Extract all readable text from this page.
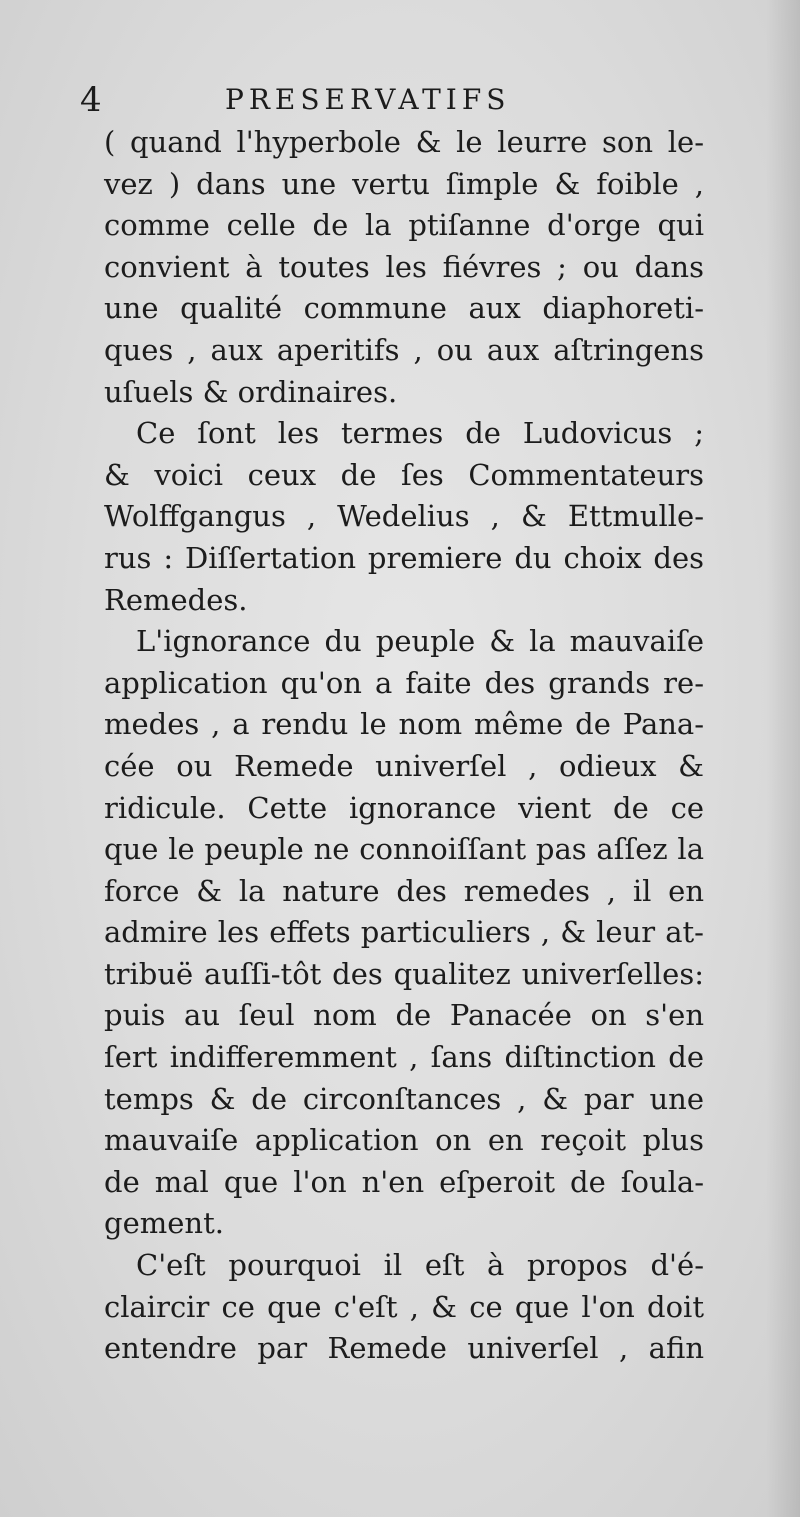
4	PRESERVATIFS
( quand l'hyperbole & le leurre son le-
vez ) dans une vertu ſimple & foible ,
comme celle de la ptiſanne d'orge qui
convient à toutes les fiévres ; ou dans
une qualité commune aux diaphoreti-
ques , aux aperitifs , ou aux aſtringens
uſuels & ordinaires.
Ce ſont les termes de Ludovicus ;
& voici ceux de ſes Commentateurs
Wolffgangus , Wedelius , & Ettmulle-
rus : Diſſertation premiere du choix des
Remedes.
L'ignorance du peuple & la mauvaiſe
application qu'on a faite des grands re-
medes , a rendu le nom même de Pana-
cée ou Remede univerſel , odieux &
ridicule. Cette ignorance vient de ce
que le peuple ne connoiſſant pas aſſez la
force & la nature des remedes , il en
admire les effets particuliers , & leur at-
tribuë auſſi-tôt des qualitez univerſelles:
puis au ſeul nom de Panacée on s'en
ſert indifferemment , ſans diſtinction de
temps & de circonſtances , & par une
mauvaiſe application on en reçoit plus
de mal que l'on n'en eſperoit de ſoula-
gement.
C'eſt pourquoi il eſt à propos d'é-
claircir ce que c'eſt , & ce que l'on doit
entendre par Remede univerſel , afin
